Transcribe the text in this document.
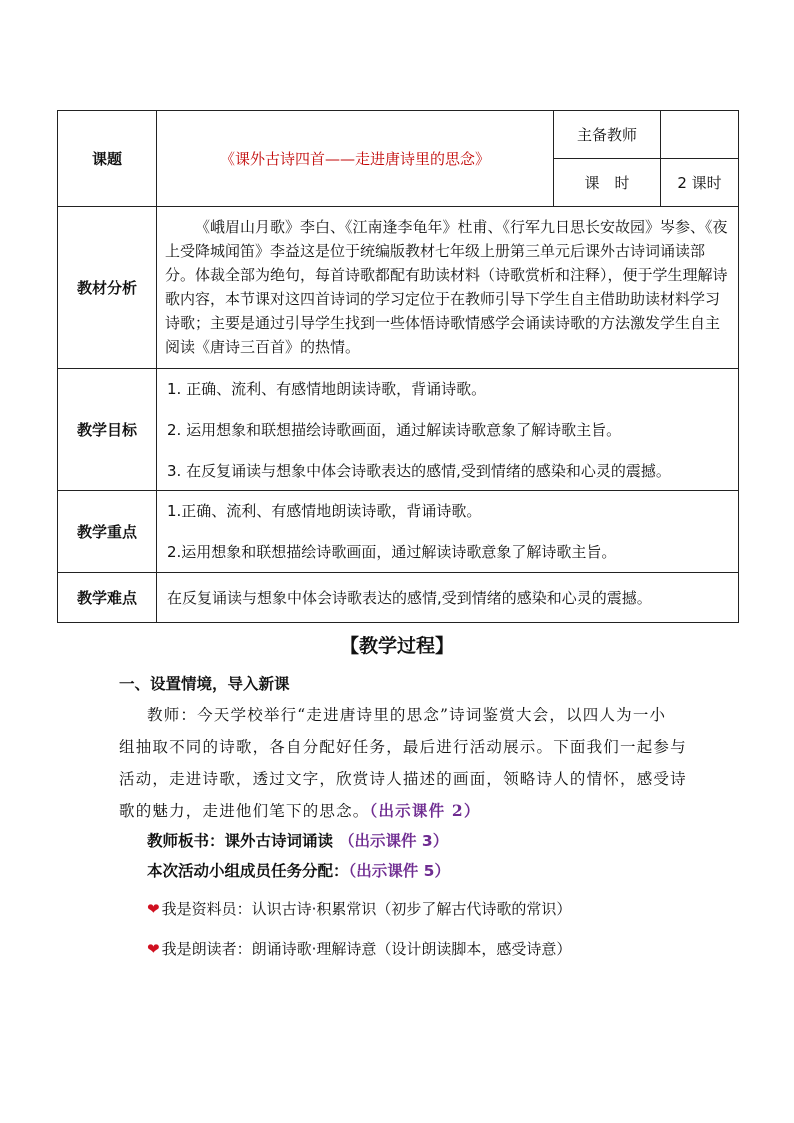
课题	《课外古诗四首——走进唐诗里的思念》	主备教师	
		课　时	2 课时
教材分析	《峨眉山月歌》李白、《江南逢李龟年》杜甫、《行军九日思长安故园》岑参、《夜上受降城闻笛》李益这是位于统编版教材七年级上册第三单元后课外古诗词诵读部分。体裁全部为绝句，每首诗歌都配有助读材料（诗歌赏析和注释），便于学生理解诗歌内容，本节课对这四首诗词的学习定位于在教师引导下学生自主借助助读材料学习诗歌；主要是通过引导学生找到一些体悟诗歌情感学会诵读诗歌的方法激发学生自主阅读《唐诗三百首》的热情。		
教学目标	1. 正确、流利、有感情地朗读诗歌，背诵诗歌。

2. 运用想象和联想描绘诗歌画面，通过解读诗歌意象了解诗歌主旨。

3. 在反复诵读与想象中体会诗歌表达的感情,受到情绪的感染和心灵的震撼。		

教学重点	1.正确、流利、有感情地朗读诗歌，背诵诗歌。

2.运用想象和联想描绘诗歌画面，通过解读诗歌意象了解诗歌主旨。		

教学难点	在反复诵读与想象中体会诗歌表达的感情,受到情绪的感染和心灵的震撼。		
【教学过程】
一、设置情境，导入新课
教师：今天学校举行“走进唐诗里的思念”诗词鉴赏大会，以四人为一小
组抽取不同的诗歌，各自分配好任务，最后进行活动展示。下面我们一起参与
活动，走进诗歌，透过文字，欣赏诗人描述的画面，领略诗人的情怀，感受诗
歌的魅力，走进他们笔下的思念。（出示课件 2）
教师板书：课外古诗词诵读 （出示课件 3）
本次活动小组成员任务分配：（出示课件 5）
❤ 我是资料员：认识古诗·积累常识（初步了解古代诗歌的常识）
❤ 我是朗读者：朗诵诗歌·理解诗意（设计朗读脚本，感受诗意）
